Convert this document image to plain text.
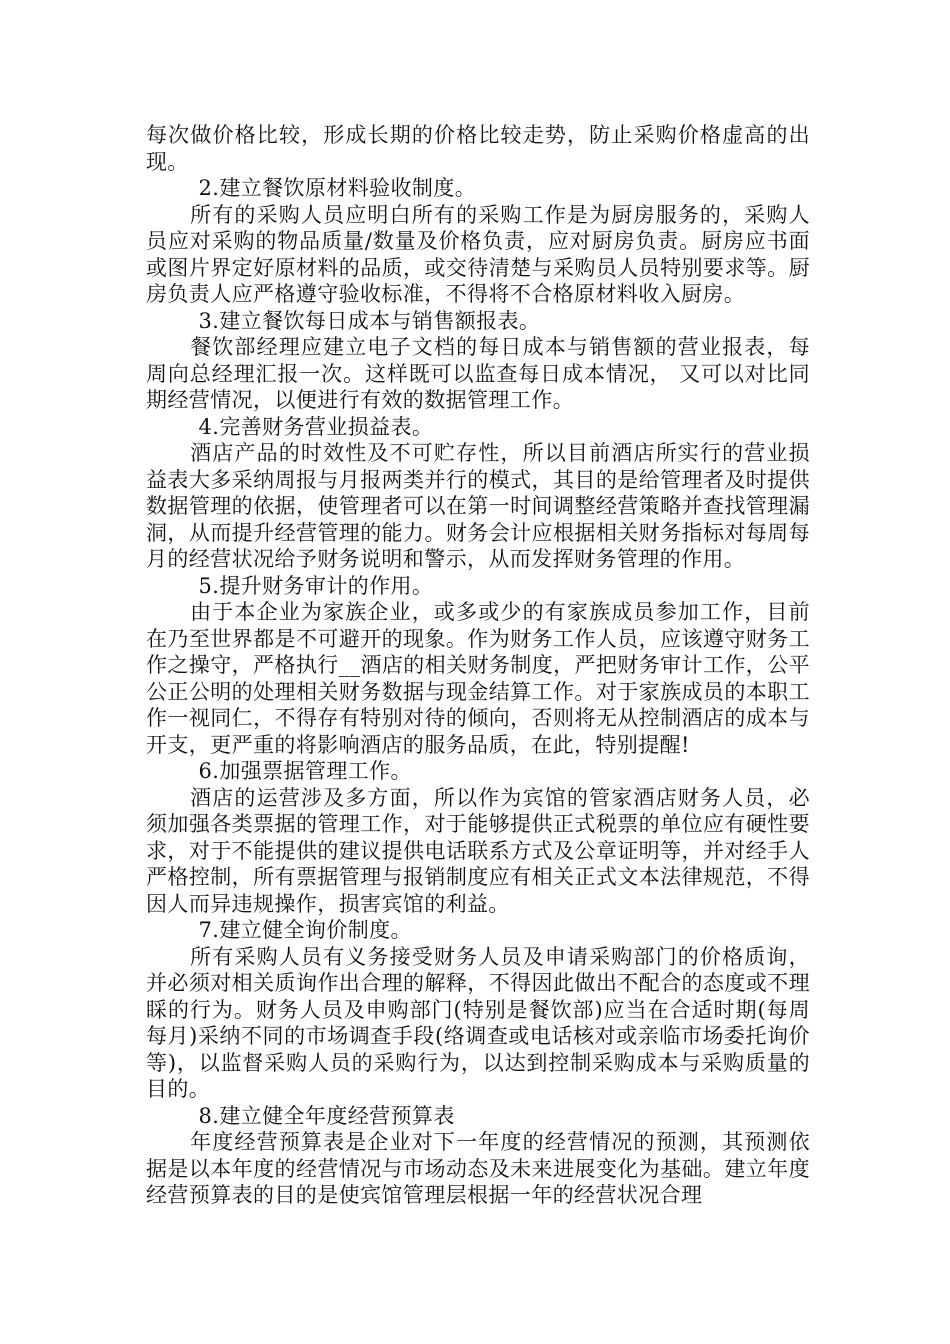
每次做价格比较，形成长期的价格比较走势，防止采购价格虚高的出现。

2.建立餐饮原材料验收制度。

所有的采购人员应明白所有的采购工作是为厨房服务的，采购人员应对采购的物品质量/数量及价格负责，应对厨房负责。厨房应书面或图片界定好原材料的品质，或交待清楚与采购员人员特别要求等。厨房负责人应严格遵守验收标准，不得将不合格原材料收入厨房。

3.建立餐饮每日成本与销售额报表。

餐饮部经理应建立电子文档的每日成本与销售额的营业报表，每周向总经理汇报一次。这样既可以监查每日成本情况， 又可以对比同期经营情况，以便进行有效的数据管理工作。

4.完善财务营业损益表。

酒店产品的时效性及不可贮存性，所以目前酒店所实行的营业损益表大多采纳周报与月报两类并行的模式，其目的是给管理者及时提供数据管理的依据，使管理者可以在第一时间调整经营策略并查找管理漏洞，从而提升经营管理的能力。财务会计应根据相关财务指标对每周每月的经营状况给予财务说明和警示，从而发挥财务管理的作用。

5.提升财务审计的作用。

由于本企业为家族企业，或多或少的有家族成员参加工作，目前在乃至世界都是不可避开的现象。作为财务工作人员，应该遵守财务工作之操守，严格执行__酒店的相关财务制度，严把财务审计工作，公平公正公明的处理相关财务数据与现金结算工作。对于家族成员的本职工作一视同仁，不得存有特别对待的倾向，否则将无从控制酒店的成本与开支，更严重的将影响酒店的服务品质，在此，特别提醒!

6.加强票据管理工作。

酒店的运营涉及多方面，所以作为宾馆的管家酒店财务人员，必须加强各类票据的管理工作，对于能够提供正式税票的单位应有硬性要求，对于不能提供的建议提供电话联系方式及公章证明等，并对经手人严格控制，所有票据管理与报销制度应有相关正式文本法律规范，不得因人而异违规操作，损害宾馆的利益。

7.建立健全询价制度。

所有采购人员有义务接受财务人员及申请采购部门的价格质询，并必须对相关质询作出合理的解释，不得因此做出不配合的态度或不理睬的行为。财务人员及申购部门(特别是餐饮部)应当在合适时期(每周每月)采纳不同的市场调查手段(络调查或电话核对或亲临市场委托询价等)，以监督采购人员的采购行为，以达到控制采购成本与采购质量的目的。

8.建立健全年度经营预算表

年度经营预算表是企业对下一年度的经营情况的预测，其预测依据是以本年度的经营情况与市场动态及未来进展变化为基础。建立年度经营预算表的目的是使宾馆管理层根据一年的经营状况合理
